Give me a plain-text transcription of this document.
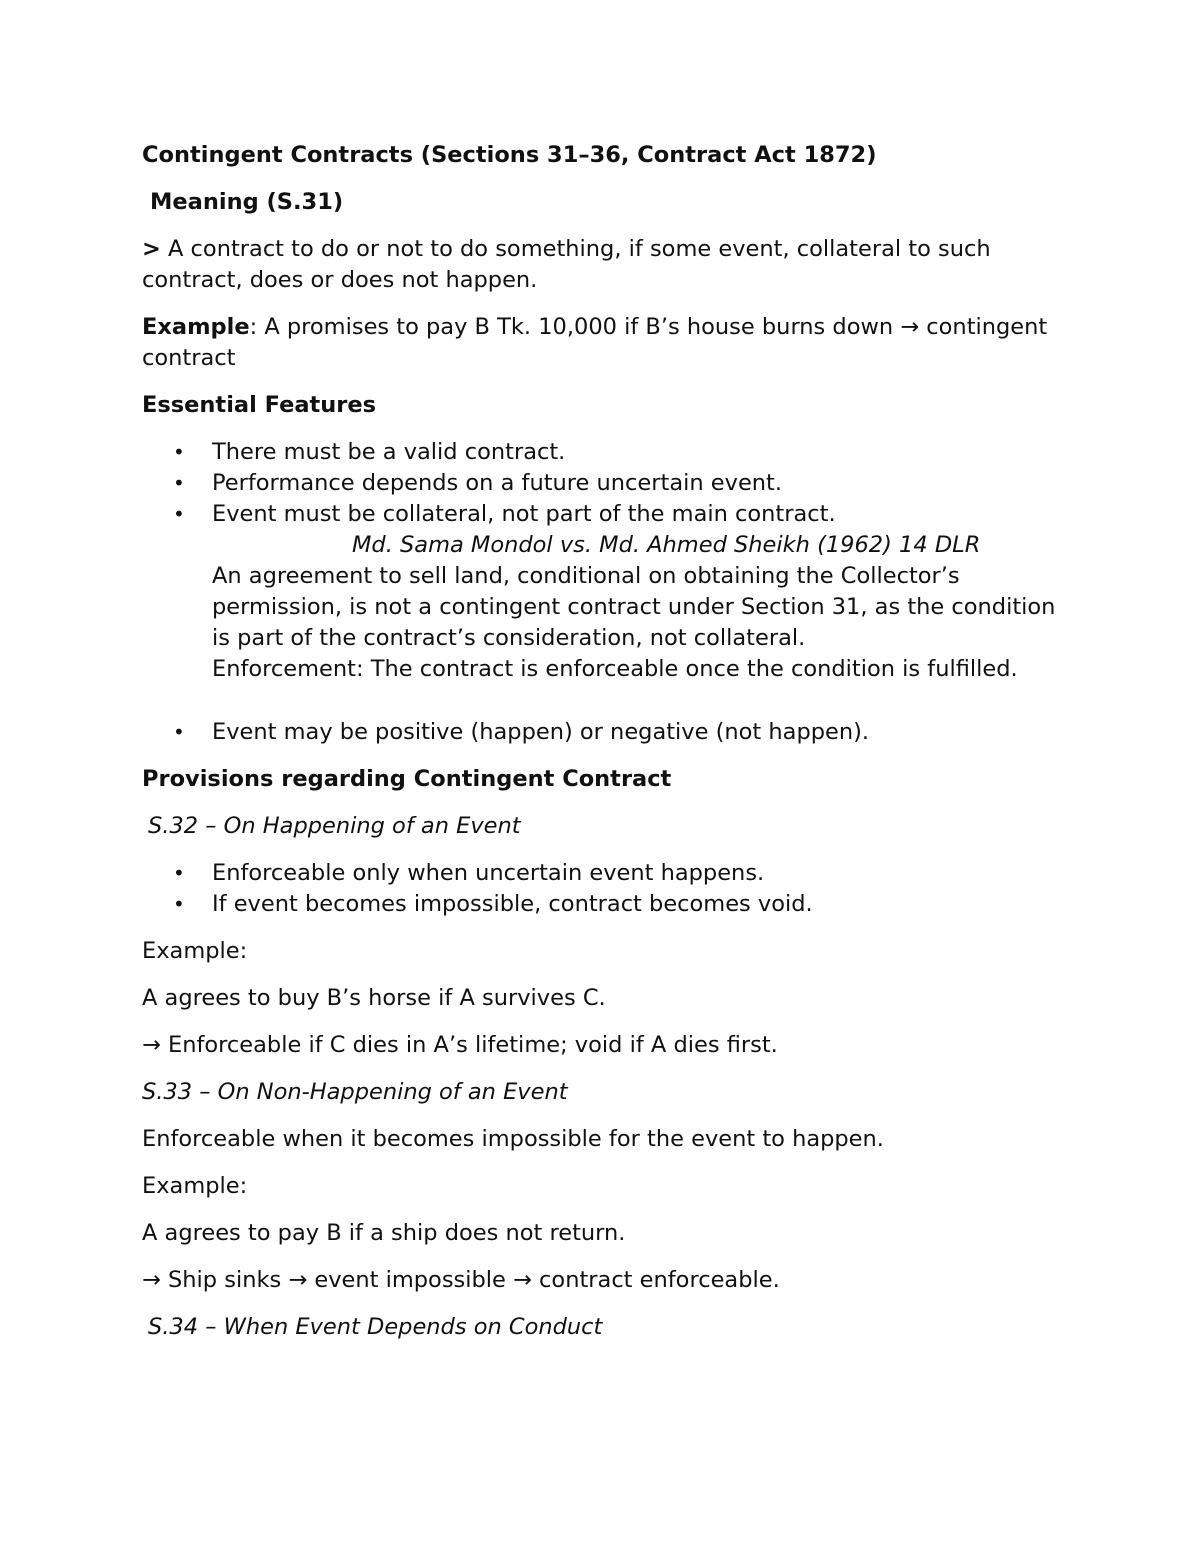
Contingent Contracts (Sections 31–36, Contract Act 1872)

Meaning (S.31)

> A contract to do or not to do something, if some event, collateral to such contract, does or does not happen.

Example: A promises to pay B Tk. 10,000 if B’s house burns down → contingent contract

Essential Features

• There must be a valid contract.
• Performance depends on a future uncertain event.
• Event must be collateral, not part of the main contract.
Md. Sama Mondol vs. Md. Ahmed Sheikh (1962) 14 DLR
An agreement to sell land, conditional on obtaining the Collector’s permission, is not a contingent contract under Section 31, as the condition is part of the contract’s consideration, not collateral.
Enforcement: The contract is enforceable once the condition is fulfilled.
• Event may be positive (happen) or negative (not happen).

Provisions regarding Contingent Contract

S.32 – On Happening of an Event

• Enforceable only when uncertain event happens.
• If event becomes impossible, contract becomes void.

Example:

A agrees to buy B’s horse if A survives C.

→ Enforceable if C dies in A’s lifetime; void if A dies first.

S.33 – On Non-Happening of an Event

Enforceable when it becomes impossible for the event to happen.

Example:

A agrees to pay B if a ship does not return.

→ Ship sinks → event impossible → contract enforceable.

S.34 – When Event Depends on Conduct
